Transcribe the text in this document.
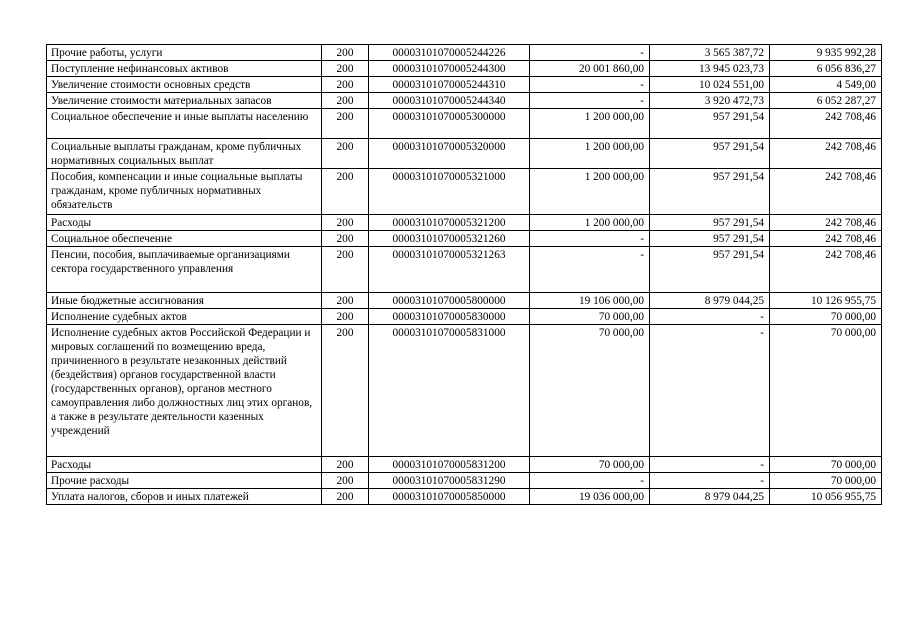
Прочие работы, услуги	200	00003101070005244226	-	3 565 387,72	9 935 992,28
Поступление нефинансовых активов	200	00003101070005244300	20 001 860,00	13 945 023,73	6 056 836,27
Увеличение стоимости основных средств	200	00003101070005244310	-	10 024 551,00	4 549,00
Увеличение стоимости материальных запасов	200	00003101070005244340	-	3 920 472,73	6 052 287,27
Социальное обеспечение и иные выплаты населению	200	00003101070005300000	1 200 000,00	957 291,54	242 708,46
Социальные выплаты гражданам, кроме публичных нормативных социальных выплат	200	00003101070005320000	1 200 000,00	957 291,54	242 708,46
Пособия, компенсации и иные социальные выплаты гражданам, кроме публичных нормативных обязательств	200	00003101070005321000	1 200 000,00	957 291,54	242 708,46
Расходы	200	00003101070005321200	1 200 000,00	957 291,54	242 708,46
Социальное обеспечение	200	00003101070005321260	-	957 291,54	242 708,46
Пенсии, пособия, выплачиваемые организациями сектора государственного управления	200	00003101070005321263	-	957 291,54	242 708,46
Иные бюджетные ассигнования	200	00003101070005800000	19 106 000,00	8 979 044,25	10 126 955,75
Исполнение судебных актов	200	00003101070005830000	70 000,00	-	70 000,00
Исполнение судебных актов Российской Федерации и мировых соглашений по возмещению вреда, причиненного в результате незаконных действий (бездействия) органов государственной власти (государственных органов), органов местного самоуправления либо должностных лиц этих органов, а также в результате деятельности казенных учреждений	200	00003101070005831000	70 000,00	-	70 000,00
Расходы	200	00003101070005831200	70 000,00	-	70 000,00
Прочие расходы	200	00003101070005831290	-	-	70 000,00
Уплата налогов, сборов и иных платежей	200	00003101070005850000	19 036 000,00	8 979 044,25	10 056 955,75
